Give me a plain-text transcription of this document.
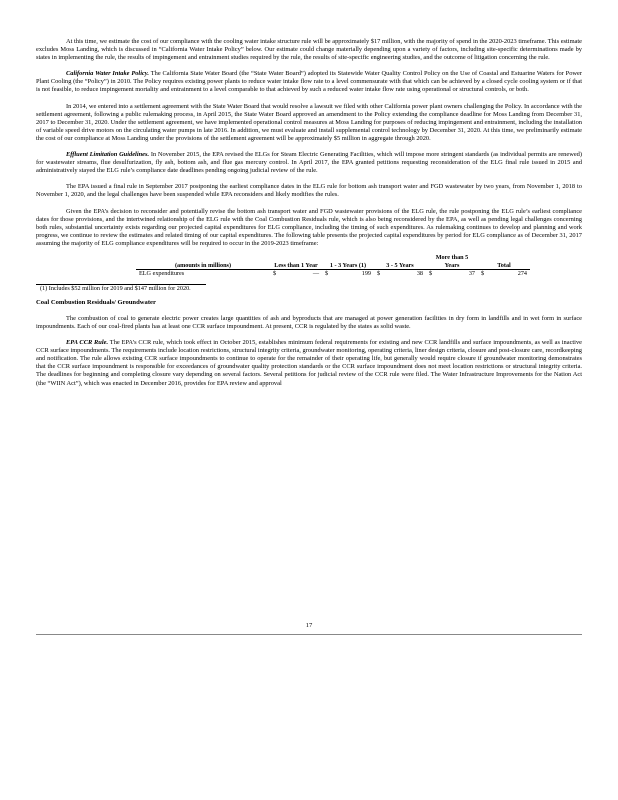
At this time, we estimate the cost of our compliance with the cooling water intake structure rule will be approximately $17 million, with the majority of spend in the 2020-2023 timeframe. This estimate excludes Moss Landing, which is discussed in “California Water Intake Policy” below. Our estimate could change materially depending upon a variety of factors, including site-specific determinations made by states in implementing the rule, the results of impingement and entrainment studies required by the rule, the results of site-specific engineering studies, and the outcome of litigation concerning the rule.

California Water Intake Policy. The California State Water Board (the “State Water Board”) adopted its Statewide Water Quality Control Policy on the Use of Coastal and Estuarine Waters for Power Plant Cooling (the “Policy”) in 2010. The Policy requires existing power plants to reduce water intake flow rate to a level commensurate with that which can be achieved by a closed cycle cooling system or if that is not feasible, to reduce impingement mortality and entrainment to a level comparable to that achieved by such a reduced water intake flow rate using operational or structural controls, or both.

In 2014, we entered into a settlement agreement with the State Water Board that would resolve a lawsuit we filed with other California power plant owners challenging the Policy. In accordance with the settlement agreement, following a public rulemaking process, in April 2015, the State Water Board approved an amendment to the Policy extending the compliance deadline for Moss Landing from December 31, 2017 to December 31, 2020. Under the settlement agreement, we have implemented operational control measures at Moss Landing for purposes of reducing impingement and entrainment, including the installation of variable speed drive motors on the circulating water pumps in late 2016. In addition, we must evaluate and install supplemental control technology by December 31, 2020. At this time, we preliminarily estimate the cost of our compliance at Moss Landing under the provisions of the settlement agreement will be approximately $5 million in aggregate through 2020.

Effluent Limitation Guidelines. In November 2015, the EPA revised the ELGs for Steam Electric Generating Facilities, which will impose more stringent standards (as individual permits are renewed) for wastewater streams, flue desulfurization, fly ash, bottom ash, and flue gas mercury control. In April 2017, the EPA granted petitions requesting reconsideration of the ELG final rule issued in 2015 and administratively stayed the ELG rule’s compliance date deadlines pending ongoing judicial review of the rule.

The EPA issued a final rule in September 2017 postponing the earliest compliance dates in the ELG rule for bottom ash transport water and FGD wastewater by two years, from November 1, 2018 to November 1, 2020, and the legal challenges have been suspended while EPA reconsiders and likely modifies the rules.

Given the EPA’s decision to reconsider and potentially revise the bottom ash transport water and FGD wastewater provisions of the ELG rule, the rule postponing the ELG rule’s earliest compliance dates for those provisions, and the intertwined relationship of the ELG rule with the Coal Combustion Residuals rule, which is also being reconsidered by the EPA, as well as pending legal challenges concerning both rules, substantial uncertainty exists regarding our projected capital expenditures for ELG compliance, including the timing of such expenditures. As rulemaking continues to develop and planning and work progress, we continue to review the estimates and related timing of our capital expenditures. The following table presents the projected capital expenditures by period for ELG compliance as of December 31, 2017 assuming the majority of ELG compliance expenditures will be required to occur in the 2019-2023 timeframe:

(amounts in millions)	Less than 1 Year		1 - 3 Years (1)		3 - 5 Years		More than 5 Years		Total	
ELG expenditures	$	—	$	199	$	38	$	37	$	274

(1) Includes $52 million for 2019 and $147 million for 2020.

Coal Combustion Residuals/ Groundwater

The combustion of coal to generate electric power creates large quantities of ash and byproducts that are managed at power generation facilities in dry form in landfills and in wet form in surface impoundments. Each of our coal-fired plants has at least one CCR surface impoundment. At present, CCR is regulated by the states as solid waste.

EPA CCR Rule. The EPA’s CCR rule, which took effect in October 2015, establishes minimum federal requirements for existing and new CCR landfills and surface impoundments, as well as inactive CCR surface impoundments. The requirements include location restrictions, structural integrity criteria, groundwater monitoring, operating criteria, liner design criteria, closure and post-closure care, recordkeeping and notification. The rule allows existing CCR surface impoundments to continue to operate for the remainder of their operating life, but generally would require closure if groundwater monitoring demonstrates that the CCR surface impoundment is responsible for exceedances of groundwater quality protection standards or the CCR surface impoundment does not meet location restrictions or structural integrity criteria. The deadlines for beginning and completing closure vary depending on several factors. Several petitions for judicial review of the CCR rule were filed. The Water Infrastructure Improvements for the Nation Act (the “WIIN Act”), which was enacted in December 2016, provides for EPA review and approval

17
